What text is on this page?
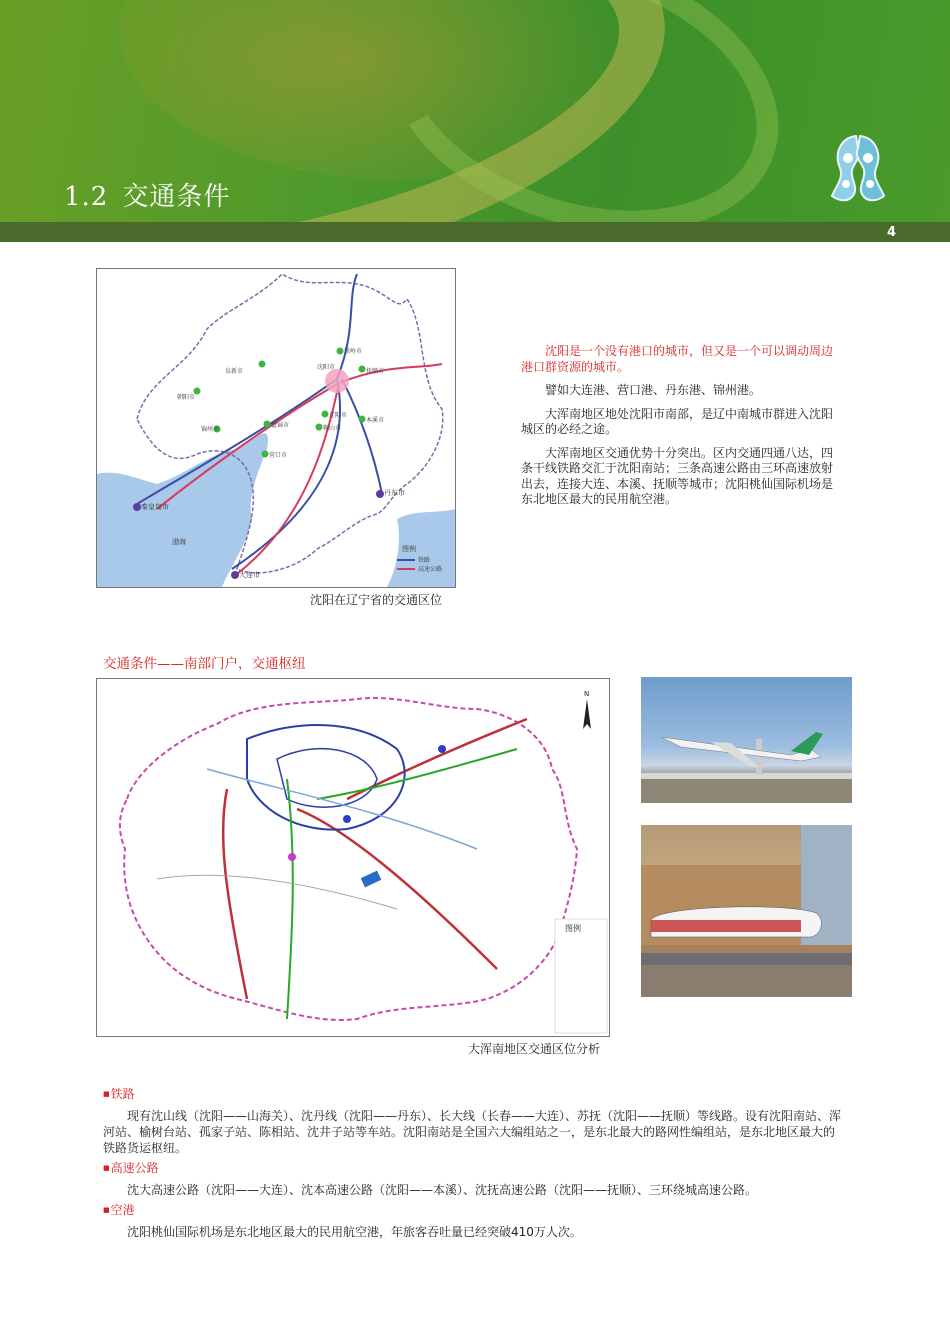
1.2 交通条件
4
铁岭市
阜新市
朝阳市
沈阳市
抚顺市
锦州市	鞍山市
本溪市
辽阳市
盘锦市
营口市
丹东市
秦皇岛市
大连市
渤海
图例
铁路
高速公路
沈阳在辽宁省的交通区位

沈阳是一个没有港口的城市，但又是一个可以调动周边港口群资源的城市。

譬如大连港、营口港、丹东港、锦州港。

大浑南地区地处沈阳市南部，是辽中南城市群进入沈阳城区的必经之途。

大浑南地区交通优势十分突出。区内交通四通八达，四条干线铁路交汇于沈阳南站；三条高速公路由三环高速放射出去，连接大连、本溪、抚顺等城市；沈阳桃仙国际机场是东北地区最大的民用航空港。

交通条件——南部门户，交通枢纽
N
图例
大浑南地区交通区位分析
■ 铁路
现有沈山线（沈阳——山海关）、沈丹线（沈阳——丹东）、长大线（长春——大连）、苏抚（沈阳——抚顺）等线路。设有沈阳南站、浑河站、榆树台站、孤家子站、陈相站、沈井子站等车站。沈阳南站是全国六大编组站之一，是东北最大的路网性编组站，是东北地区最大的铁路货运枢纽。
■ 高速公路
沈大高速公路（沈阳——大连）、沈本高速公路（沈阳——本溪）、沈抚高速公路（沈阳——抚顺）、三环绕城高速公路。
■ 空港
沈阳桃仙国际机场是东北地区最大的民用航空港，年旅客吞吐量已经突破410万人次。
